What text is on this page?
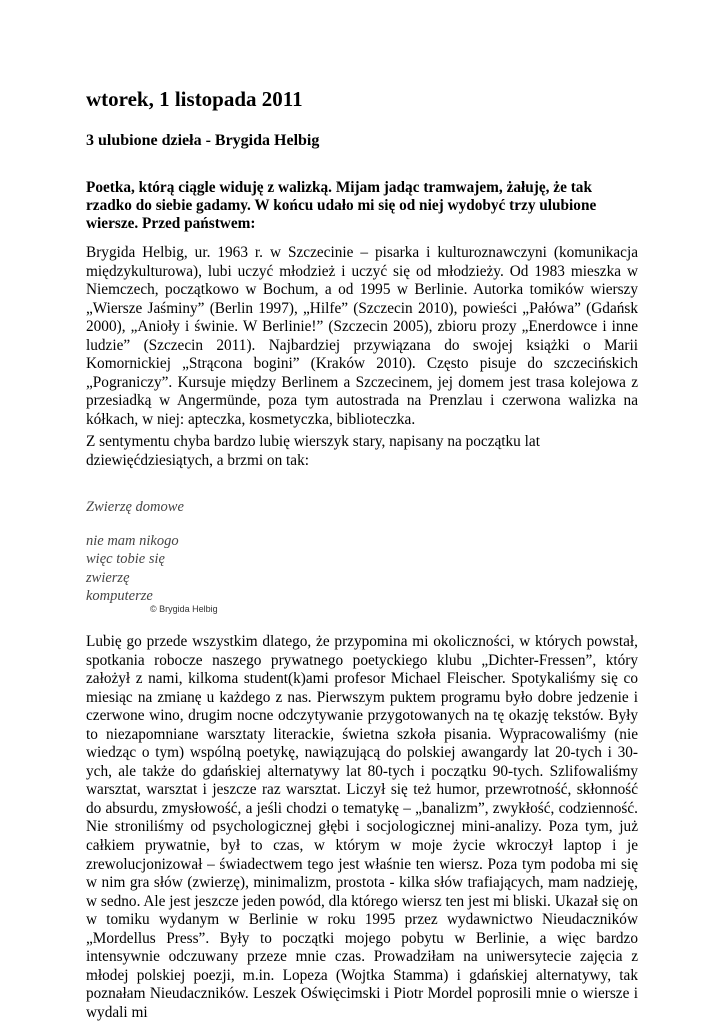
wtorek, 1 listopada 2011
3 ulubione dzieła - Brygida Helbig

Poetka, którą ciągle widuję z walizką. Mijam jadąc tramwajem, żałuję, że tak rzadko do siebie gadamy. W końcu udało mi się od niej wydobyć trzy ulubione wiersze. Przed państwem:

Brygida Helbig, ur. 1963 r. w Szczecinie – pisarka i kulturoznawczyni (komunikacja międzykulturowa), lubi uczyć młodzież i uczyć się od młodzieży. Od 1983 mieszka w Niemczech, początkowo w Bochum, a od 1995 w Berlinie. Autorka tomików wierszy „Wiersze Jaśminy” (Berlin 1997), „Hilfe” (Szczecin 2010), powieści „Pałówa” (Gdańsk 2000), „Anioły i świnie. W Berlinie!” (Szczecin 2005), zbioru prozy „Enerdowce i inne ludzie” (Szczecin 2011). Najbardziej przywiązana do swojej książki o Marii Komornickiej „Strącona bogini” (Kraków 2010). Często pisuje do szczecińskich „Pograniczy”. Kursuje między Berlinem a Szczecinem, jej domem jest trasa kolejowa z przesiadką w Angermünde, poza tym autostrada na Prenzlau i czerwona walizka na kółkach, w niej: apteczka, kosmetyczka, biblioteczka.

Z sentymentu chyba bardzo lubię wierszyk stary, napisany na początku lat dziewięćdziesiątych, a brzmi on tak:

Zwierzę domowe

nie mam nikogo

więc tobie się

zwierzę

komputerze

© Brygida Helbig

Lubię go przede wszystkim dlatego, że przypomina mi okoliczności, w których powstał, spotkania robocze naszego prywatnego poetyckiego klubu „Dichter-Fressen”, który założył z nami, kilkoma student(k)ami profesor Michael Fleischer. Spotykaliśmy się co miesiąc na zmianę u każdego z nas. Pierwszym puktem programu było dobre jedzenie i czerwone wino, drugim nocne odczytywanie przygotowanych na tę okazję tekstów. Były to niezapomniane warsztaty literackie, świetna szkoła pisania. Wypracowaliśmy (nie wiedząc o tym) wspólną poetykę, nawiązującą do polskiej awangardy lat 20-tych i 30-ych, ale także do gdańskiej alternatywy lat 80-tych i początku 90-tych. Szlifowaliśmy warsztat, warsztat i jeszcze raz warsztat. Liczył się też humor, przewrotność, skłonność do absurdu, zmysłowość, a jeśli chodzi o tematykę – „banalizm”, zwykłość, codzienność. Nie stroniliśmy od psychologicznej głębi i socjologicznej mini-analizy. Poza tym, już całkiem prywatnie, był to czas, w którym w moje życie wkroczył laptop i je zrewolucjonizował – świadectwem tego jest właśnie ten wiersz. Poza tym podoba mi się w nim gra słów (zwierzę), minimalizm, prostota - kilka słów trafiających, mam nadzieję, w sedno. Ale jest jeszcze jeden powód, dla którego wiersz ten jest mi bliski. Ukazał się on w tomiku wydanym w Berlinie w roku 1995 przez wydawnictwo Nieudaczników „Mordellus Press”. Były to początki mojego pobytu w Berlinie, a więc bardzo intensywnie odczuwany przeze mnie czas. Prowadziłam na uniwersytecie zajęcia z młodej polskiej poezji, m.in. Lopeza (Wojtka Stamma) i gdańskiej alternatywy, tak poznałam Nieudaczników. Leszek Oświęcimski i Piotr Mordel poprosili mnie o wiersze i wydali mi
